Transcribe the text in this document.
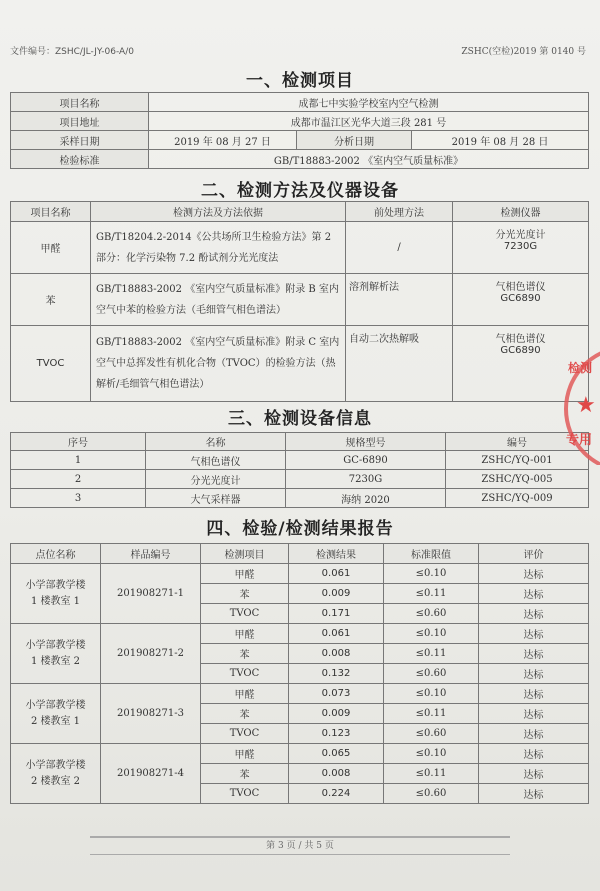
文件编号：ZSHC/JL-JY-06-A/0	ZSHC(空检)2019 第 0140 号
一、检测项目
项目名称	成都七中实验学校室内空气检测		
项目地址	成都市温江区光华大道三段 281 号		
采样日期	2019 年 08 月 27 日	分析日期	2019 年 08 月 28 日
检验标准	GB/T18883-2002 《室内空气质量标准》		
二、检测方法及仪器设备
项目名称	检测方法及方法依据	前处理方法	检测仪器
甲醛	GB/T18204.2-2014《公共场所卫生检验方法》第 2 部分：化学污染物 7.2 酚试剂分光光度法	/	分光光度计
7230G

苯	GB/T18883-2002 《室内空气质量标准》附录 B 室内空气中苯的检验方法（毛细管气相色谱法）	溶剂解析法	气相色谱仪
GC6890

TVOC	GB/T18883-2002 《室内空气质量标准》附录 C 室内空气中总挥发性有机化合物（TVOC）的检验方法（热解析/毛细管气相色谱法）	自动二次热解吸	气相色谱仪
GC6890
三、检测设备信息
序号	名称	规格型号	编号
1	气相色谱仪	GC-6890	ZSHC/YQ-001
2	分光光度计	7230G	ZSHC/YQ-005
3	大气采样器	海纳 2020	ZSHC/YQ-009
四、检验/检测结果报告
点位名称	样品编号	检测项目	检测结果	标准限值	评价

小学部教学楼
1 楼教室 1	201908271-1	甲醛	0.061	≤0.10	达标
		苯	0.009	≤0.11	达标
		TVOC	0.171	≤0.60	达标

小学部教学楼
1 楼教室 2	201908271-2	甲醛	0.061	≤0.10	达标
		苯	0.008	≤0.11	达标
		TVOC	0.132	≤0.60	达标

小学部教学楼
2 楼教室 1	201908271-3	甲醛	0.073	≤0.10	达标
		苯	0.009	≤0.11	达标
		TVOC	0.123	≤0.60	达标

小学部教学楼
2 楼教室 2	201908271-4	甲醛	0.065	≤0.10	达标
		苯	0.008	≤0.11	达标
		TVOC	0.224	≤0.60	达标
检测
★
专用
第 3 页 / 共 5 页
